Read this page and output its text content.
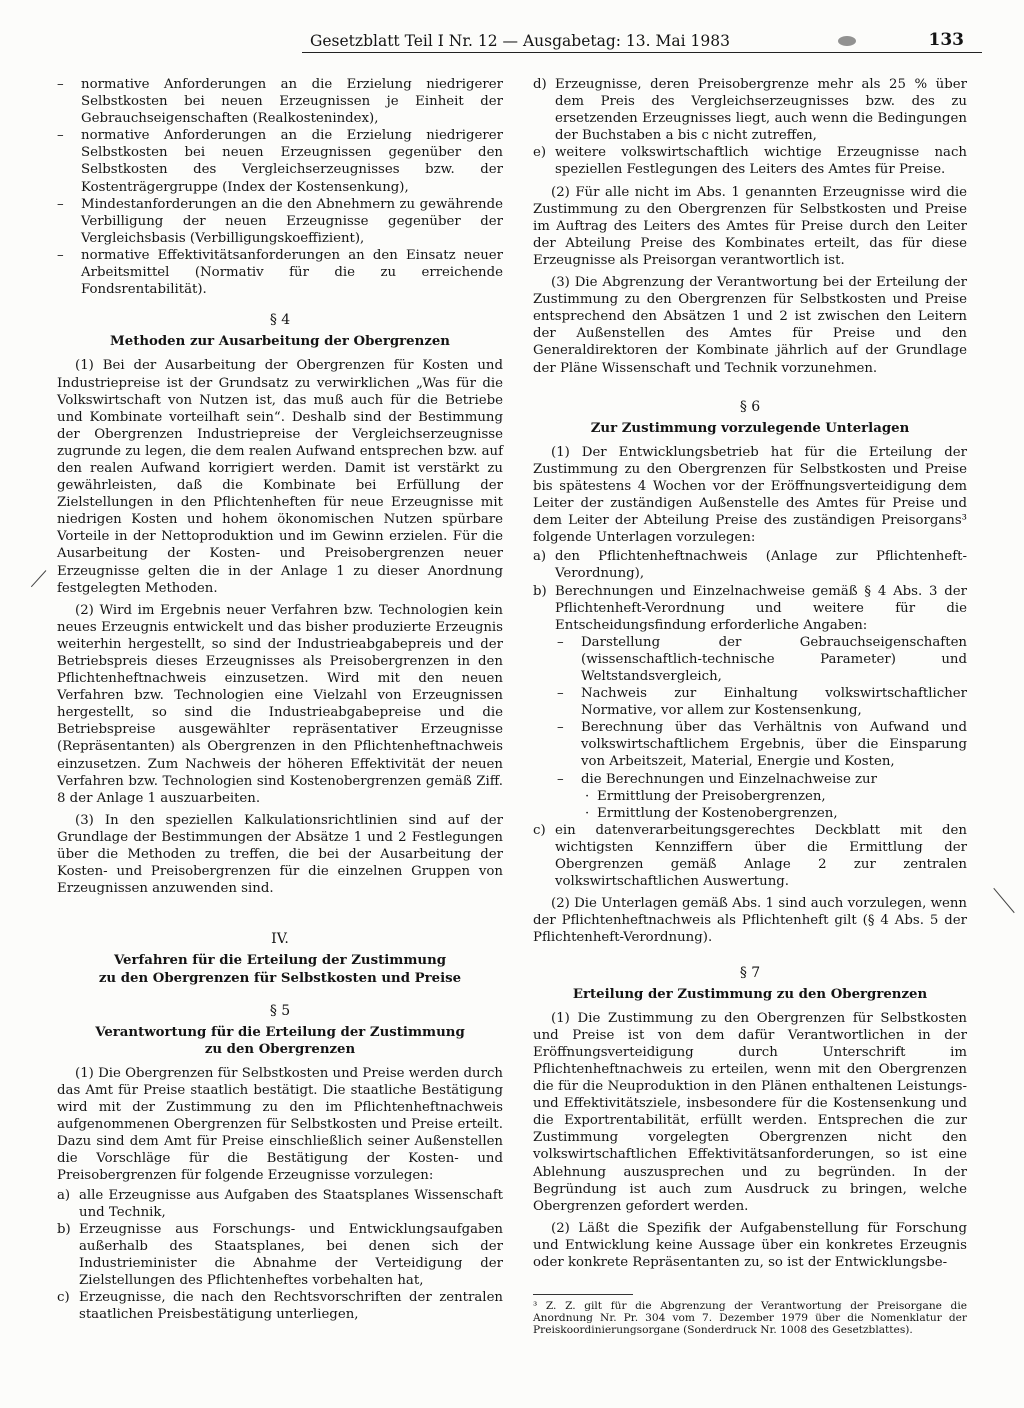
Gesetzblatt Teil I Nr. 12 — Ausgabetag: 13. Mai 1983	133
– normative Anforderungen an die Erzielung niedrigerer Selbstkosten bei neuen Erzeugnissen je Einheit der Gebrauchseigenschaften (Realkostenindex),
– normative Anforderungen an die Erzielung niedrigerer Selbstkosten bei neuen Erzeugnissen gegenüber den Selbstkosten des Vergleichserzeugnisses bzw. der Kostenträgergruppe (Index der Kostensenkung),
– Mindestanforderungen an die den Abnehmern zu gewährende Verbilligung der neuen Erzeugnisse gegenüber der Vergleichsbasis (Verbilligungskoeffizient),
– normative Effektivitätsanforderungen an den Einsatz neuer Arbeitsmittel (Normativ für die zu erreichende Fondsrentabilität).
§ 4
Methoden zur Ausarbeitung der Obergrenzen

(1) Bei der Ausarbeitung der Obergrenzen für Kosten und Industriepreise ist der Grundsatz zu verwirklichen „Was für die Volkswirtschaft von Nutzen ist, das muß auch für die Betriebe und Kombinate vorteilhaft sein“. Deshalb sind der Bestimmung der Obergrenzen Industriepreise der Vergleichserzeugnisse zugrunde zu legen, die dem realen Aufwand entsprechen bzw. auf den realen Aufwand korrigiert werden. Damit ist verstärkt zu gewährleisten, daß die Kombinate bei Erfüllung der Zielstellungen in den Pflichtenheften für neue Erzeugnisse mit niedrigen Kosten und hohem ökonomischen Nutzen spürbare Vorteile in der Nettoproduktion und im Gewinn erzielen. Für die Ausarbeitung der Kosten- und Preisobergrenzen neuer Erzeugnisse gelten die in der Anlage 1 zu dieser Anordnung festgelegten Methoden.

(2) Wird im Ergebnis neuer Verfahren bzw. Technologien kein neues Erzeugnis entwickelt und das bisher produzierte Erzeugnis weiterhin hergestellt, so sind der Industrieabgabepreis und der Betriebspreis dieses Erzeugnisses als Preisobergrenzen in den Pflichtenheftnachweis einzusetzen. Wird mit den neuen Verfahren bzw. Technologien eine Vielzahl von Erzeugnissen hergestellt, so sind die Industrieabgabepreise und die Betriebspreise ausgewählter repräsentativer Erzeugnisse (Repräsentanten) als Obergrenzen in den Pflichtenheftnachweis einzusetzen. Zum Nachweis der höheren Effektivität der neuen Verfahren bzw. Technologien sind Kostenobergrenzen gemäß Ziff. 8 der Anlage 1 auszuarbeiten.

(3) In den speziellen Kalkulationsrichtlinien sind auf der Grundlage der Bestimmungen der Absätze 1 und 2 Festlegungen über die Methoden zu treffen, die bei der Ausarbeitung der Kosten- und Preisobergrenzen für die einzelnen Gruppen von Erzeugnissen anzuwenden sind.

IV.
Verfahren für die Erteilung der Zustimmung
zu den Obergrenzen für Selbstkosten und Preise
§ 5
Verantwortung für die Erteilung der Zustimmung
zu den Obergrenzen

(1) Die Obergrenzen für Selbstkosten und Preise werden durch das Amt für Preise staatlich bestätigt. Die staatliche Bestätigung wird mit der Zustimmung zu den im Pflichtenheftnachweis aufgenommenen Obergrenzen für Selbstkosten und Preise erteilt. Dazu sind dem Amt für Preise einschließlich seiner Außenstellen die Vorschläge für die Bestätigung der Kosten- und Preisobergrenzen für folgende Erzeugnisse vorzulegen:

a) alle Erzeugnisse aus Aufgaben des Staatsplanes Wissenschaft und Technik,
b) Erzeugnisse aus Forschungs- und Entwicklungsaufgaben außerhalb des Staatsplanes, bei denen sich der Industrieminister die Abnahme der Verteidigung der Zielstellungen des Pflichtenheftes vorbehalten hat,
c) Erzeugnisse, die nach den Rechtsvorschriften der zentralen staatlichen Preisbestätigung unterliegen,
d) Erzeugnisse, deren Preisobergrenze mehr als 25 % über dem Preis des Vergleichserzeugnisses bzw. des zu ersetzenden Erzeugnisses liegt, auch wenn die Bedingungen der Buchstaben a bis c nicht zutreffen,
e) weitere volkswirtschaftlich wichtige Erzeugnisse nach speziellen Festlegungen des Leiters des Amtes für Preise.

(2) Für alle nicht im Abs. 1 genannten Erzeugnisse wird die Zustimmung zu den Obergrenzen für Selbstkosten und Preise im Auftrag des Leiters des Amtes für Preise durch den Leiter der Abteilung Preise des Kombinates erteilt, das für diese Erzeugnisse als Preisorgan verantwortlich ist.

(3) Die Abgrenzung der Verantwortung bei der Erteilung der Zustimmung zu den Obergrenzen für Selbstkosten und Preise entsprechend den Absätzen 1 und 2 ist zwischen den Leitern der Außenstellen des Amtes für Preise und den Generaldirektoren der Kombinate jährlich auf der Grundlage der Pläne Wissenschaft und Technik vorzunehmen.

§ 6
Zur Zustimmung vorzulegende Unterlagen

(1) Der Entwicklungsbetrieb hat für die Erteilung der Zustimmung zu den Obergrenzen für Selbstkosten und Preise bis spätestens 4 Wochen vor der Eröffnungsverteidigung dem Leiter der zuständigen Außenstelle des Amtes für Preise und dem Leiter der Abteilung Preise des zuständigen Preisorgans³ folgende Unterlagen vorzulegen:

a) den Pflichtenheftnachweis (Anlage zur Pflichtenheft-Verordnung),
b) Berechnungen und Einzelnachweise gemäß § 4 Abs. 3 der Pflichtenheft-Verordnung und weitere für die Entscheidungsfindung erforderliche Angaben:
– Darstellung der Gebrauchseigenschaften (wissenschaftlich-technische Parameter) und Weltstandsvergleich,
– Nachweis zur Einhaltung volkswirtschaftlicher Normative, vor allem zur Kostensenkung,
– Berechnung über das Verhältnis von Aufwand und volkswirtschaftlichem Ergebnis, über die Einsparung von Arbeitszeit, Material, Energie und Kosten,
– die Berechnungen und Einzelnachweise zur
· Ermittlung der Preisobergrenzen,
· Ermittlung der Kostenobergrenzen,
c) ein datenverarbeitungsgerechtes Deckblatt mit den wichtigsten Kennziffern über die Ermittlung der Obergrenzen gemäß Anlage 2 zur zentralen volkswirtschaftlichen Auswertung.

(2) Die Unterlagen gemäß Abs. 1 sind auch vorzulegen, wenn der Pflichtenheftnachweis als Pflichtenheft gilt (§ 4 Abs. 5 der Pflichtenheft-Verordnung).

§ 7
Erteilung der Zustimmung zu den Obergrenzen

(1) Die Zustimmung zu den Obergrenzen für Selbstkosten und Preise ist von dem dafür Verantwortlichen in der Eröffnungsverteidigung durch Unterschrift im Pflichtenheftnachweis zu erteilen, wenn mit den Obergrenzen die für die Neuproduktion in den Plänen enthaltenen Leistungs- und Effektivitätsziele, insbesondere für die Kostensenkung und die Exportrentabilität, erfüllt werden. Entsprechen die zur Zustimmung vorgelegten Obergrenzen nicht den volkswirtschaftlichen Effektivitätsanforderungen, so ist eine Ablehnung auszusprechen und zu begründen. In der Begründung ist auch zum Ausdruck zu bringen, welche Obergrenzen gefordert werden.

(2) Läßt die Spezifik der Aufgabenstellung für Forschung und Entwicklung keine Aussage über ein konkretes Erzeugnis oder konkrete Repräsentanten zu, so ist der Entwicklungsbe-

³ Z. Z. gilt für die Abgrenzung der Verantwortung der Preisorgane die Anordnung Nr. Pr. 304 vom 7. Dezember 1979 über die Nomenklatur der Preiskoordinierungsorgane (Sonderdruck Nr. 1008 des Gesetzblattes).
